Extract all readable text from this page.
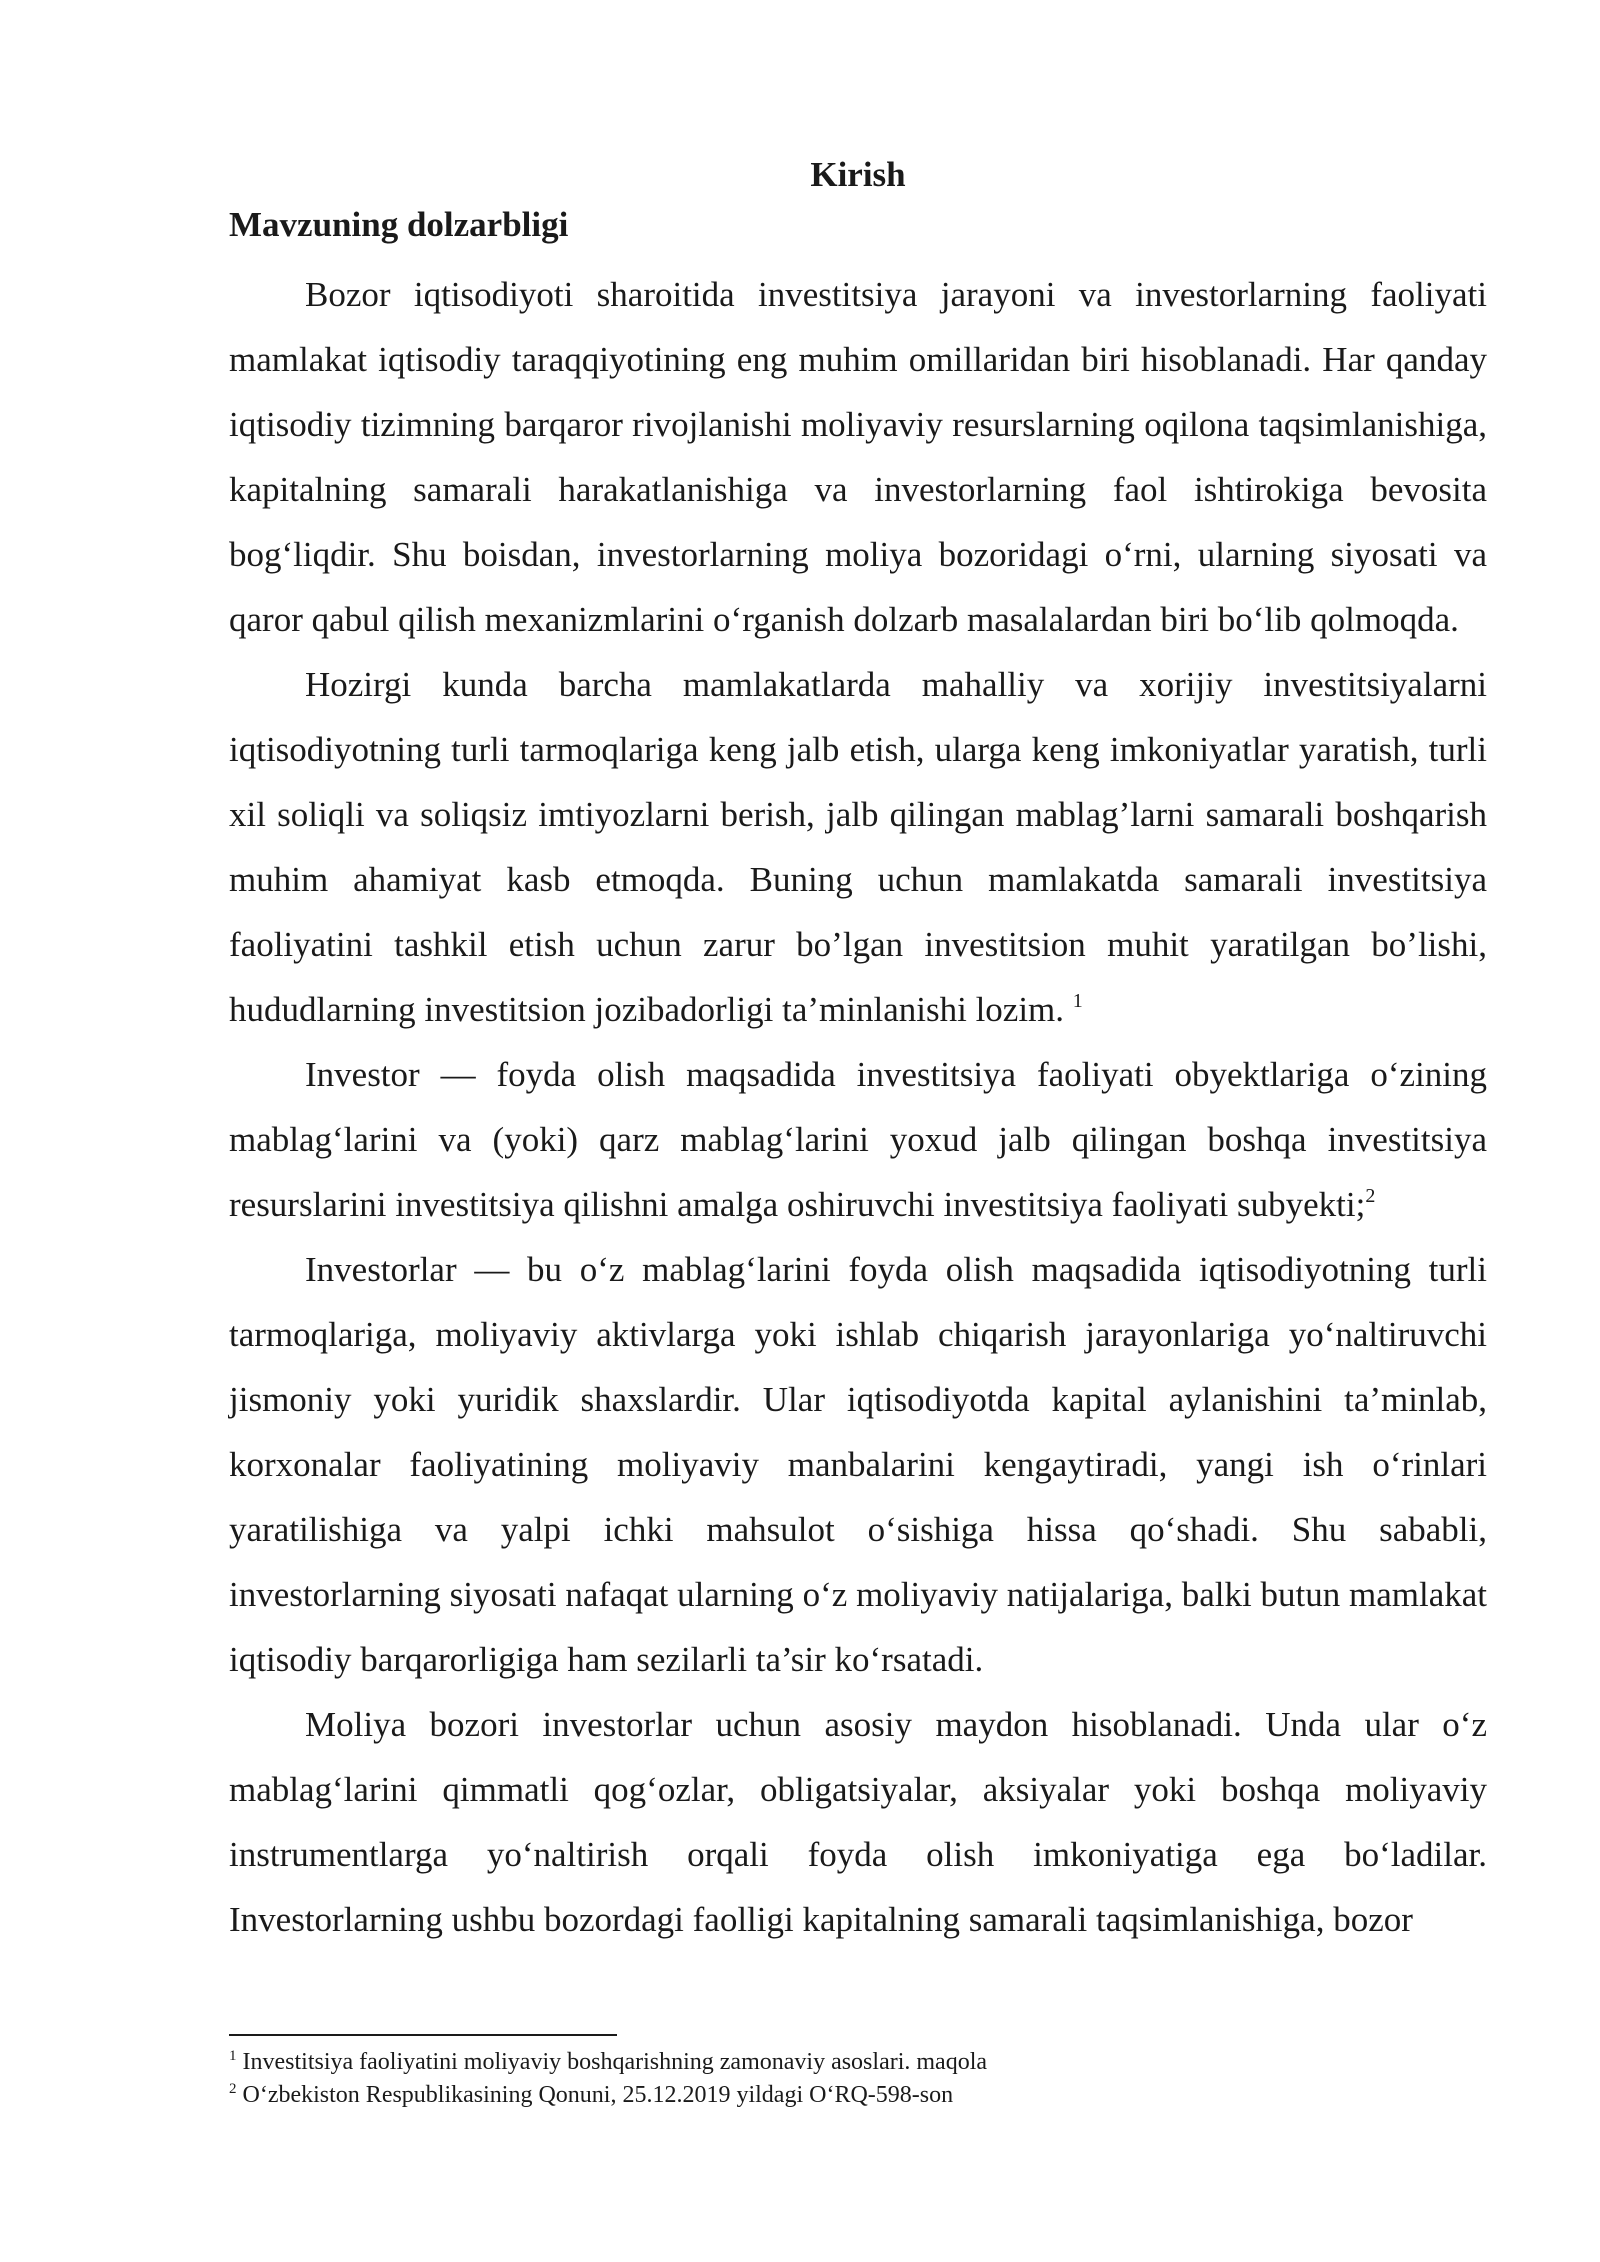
Kirish
Mavzuning dolzarbligi

Bozor iqtisodiyoti sharoitida investitsiya jarayoni va investorlarning faoliyati mamlakat iqtisodiy taraqqiyotining eng muhim omillaridan biri hisoblanadi. Har qanday iqtisodiy tizimning barqaror rivojlanishi moliyaviy resurslarning oqilona taqsimlanishiga, kapitalning samarali harakatlanishiga va investorlarning faol ishtirokiga bevosita bog‘liqdir. Shu boisdan, investorlarning moliya bozoridagi o‘rni, ularning siyosati va qaror qabul qilish mexanizmlarini o‘rganish dolzarb masalalardan biri bo‘lib qolmoqda.

Hozirgi kunda barcha mamlakatlarda mahalliy va xorijiy investitsiyalarni iqtisodiyotning turli tarmoqlariga keng jalb etish, ularga keng imkoniyatlar yaratish, turli xil soliqli va soliqsiz imtiyozlarni berish, jalb qilingan mablag’larni samarali boshqarish muhim ahamiyat kasb etmoqda. Buning uchun mamlakatda samarali investitsiya faoliyatini tashkil etish uchun zarur bo’lgan investitsion muhit yaratilgan bo’lishi, hududlarning investitsion jozibadorligi ta’minlanishi lozim. $^1$

Investor — foyda olish maqsadida investitsiya faoliyati obyektlariga o‘zining mablag‘larini va (yoki) qarz mablag‘larini yoxud jalb qilingan boshqa investitsiya resurslarini investitsiya qilishni amalga oshiruvchi investitsiya faoliyati subyekti;$^2$

Investorlar — bu o‘z mablag‘larini foyda olish maqsadida iqtisodiyotning turli tarmoqlariga, moliyaviy aktivlarga yoki ishlab chiqarish jarayonlariga yo‘naltiruvchi jismoniy yoki yuridik shaxslardir. Ular iqtisodiyotda kapital aylanishini ta’minlab, korxonalar faoliyatining moliyaviy manbalarini kengaytiradi, yangi ish o‘rinlari yaratilishiga va yalpi ichki mahsulot o‘sishiga hissa qo‘shadi. Shu sababli, investorlarning siyosati nafaqat ularning o‘z moliyaviy natijalariga, balki butun mamlakat iqtisodiy barqarorligiga ham sezilarli ta’sir ko‘rsatadi.

Moliya bozori investorlar uchun asosiy maydon hisoblanadi. Unda ular o‘z mablag‘larini qimmatli qog‘ozlar, obligatsiyalar, aksiyalar yoki boshqa moliyaviy instrumentlarga yo‘naltirish orqali foyda olish imkoniyatiga ega bo‘ladilar. Investorlarning ushbu bozordagi faolligi kapitalning samarali taqsimlanishiga, bozor

$^1$ Investitsiya faoliyatini moliyaviy boshqarishning zamonaviy asoslari. maqola

$^2$ O‘zbekiston Respublikasining Qonuni, 25.12.2019 yildagi O‘RQ-598-son
